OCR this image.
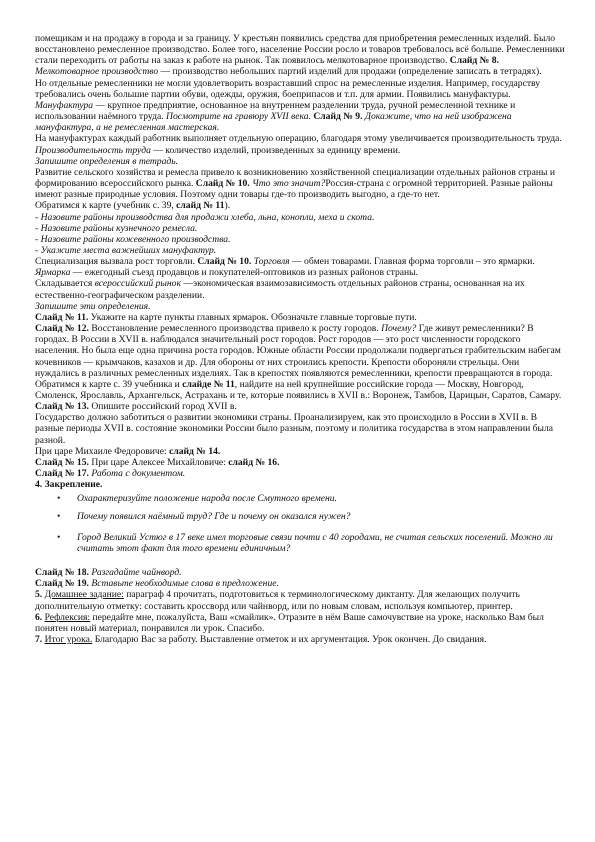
помещикам и на продажу в города и за границу. У крестьян появились средства для приобретения ремесленных изделий. Было восстановлено ремесленное производство. Более того, население России росло и товаров требовалось всё больше. Ремесленники стали переходить от работы на заказ к работе на рынок. Так появилось мелкотоварное производство. Слайд № 8.

Мелкотоварное производство — производство небольших партий изделий для продажи (определение записать в тетрадях).

Но отдельные ремесленники не могли удовлетворить возраставший спрос на ремесленные изделия. Например, государству требовались очень большие партии обуви, одежды, оружия, боеприпасов и т.п. для армии. Появились мануфактуры.

Мануфактура — крупное предприятие, основанное на внутреннем разделении труда, ручной ремесленной технике и использовании наёмного труда. Посмотрите на гравюру XVII века. Слайд № 9. Докажите, что на ней изображена мануфактура, а не ремесленная мастерская.

На мануфактурах каждый работник выполняет отдельную операцию, благодаря этому увеличивается производительность труда.

Производительность труда — количество изделий, произведенных за единицу времени.

Запишите определения в тетрадь.

Развитие сельского хозяйства и ремесла привело к возникновению хозяйственной специализации отдельных районов страны и формированию всероссийского рынка. Слайд № 10. Что это значит?Россия-страна с огромной территорией. Разные районы имеют разные природные условия. Поэтому одни товары где-то производить выгодно, а где-то нет.

Обратимся к карте (учебник с. 39, слайд № 11).

- Назовите районы производства для продажи хлеба, льна, конопли, меха и скота.

- Назовите районы кузнечного ремесла.

- Назовите районы кожевенного производства.

- Укажите места важнейших мануфактур.

Специализация вызвала рост торговли. Слайд № 10. Торговля — обмен товарами. Главная форма торговли – это ярмарки. Ярмарка — ежегодный съезд продавцов и покупателей-оптовиков из разных районов страны.

Складывается всероссийский рынок —экономическая взаимозависимость отдельных районов страны, основанная на их естественно-географическом разделении.

Запишите эти определения.

Слайд № 11. Укажите на карте пункты главных ярмарок. Обозначьте главные торговые пути.

Слайд № 12. Восстановление ремесленного производства привело к росту городов. Почему? Где живут ремесленники? В городах. В России в XVII в. наблюдался значительный рост городов. Рост городов — это рост численности городского населения. Но была еще одна причина роста городов. Южные области России продолжали подвергаться грабительским набегам кочевников — крымчаков, казахов и др. Для обороны от них строились крепости. Крепости обороняли стрельцы. Они нуждались в различных ремесленных изделиях. Так в крепостях появляются ремесленники, крепости превращаются в города.

Обратимся к карте с. 39 учебника и слайде № 11, найдите на ней крупнейшие российские города — Москву, Новгород, Смоленск, Ярославль, Архангельск, Астрахань и те, которые появились в XVII в.: Воронеж, Тамбов, Царицын, Саратов, Самару.

Слайд № 13. Опишите российский город XVII в.

Государство должно заботиться о развитии экономики страны. Проанализируем, как это происходило в России в XVII в. В разные периоды XVII в. состояние экономики России было разным, поэтому и политика государства в этом направлении была разной.

При царе Михаиле Федоровиче: слайд № 14.

Слайд № 15. При царе Алексее Михайловиче: слайд № 16.

Слайд № 17. Работа с документом.

4. Закрепление.

• Охарактеризуйте положение народа после Смутного времени.
• Почему появился наёмный труд? Где и почему он оказался нужен?
• Город Великий Устюг в 17 веке имел торговые связи почти с 40 городами, не считая сельских поселений. Можно ли считать этот факт для того времени единичным?

Слайд № 18. Разгадайте чайнворд.

Слайд № 19. Вставьте необходимые слова в предложение.

5. Домашнее задание: параграф 4 прочитать, подготовиться к терминологическому диктанту. Для желающих получить дополнительную отметку: составить кроссворд или чайнворд, или по новым словам, используя компьютер, принтер.

6. Рефлексия: передайте мне, пожалуйста, Ваш «смайлик». Отразите в нём Ваше самочувствие на уроке, насколько Вам был понятен новый материал, понравился ли урок. Спасибо.

7. Итог урока. Благодарю Вас за работу. Выставление отметок и их аргументация. Урок окончен. До свидания.
